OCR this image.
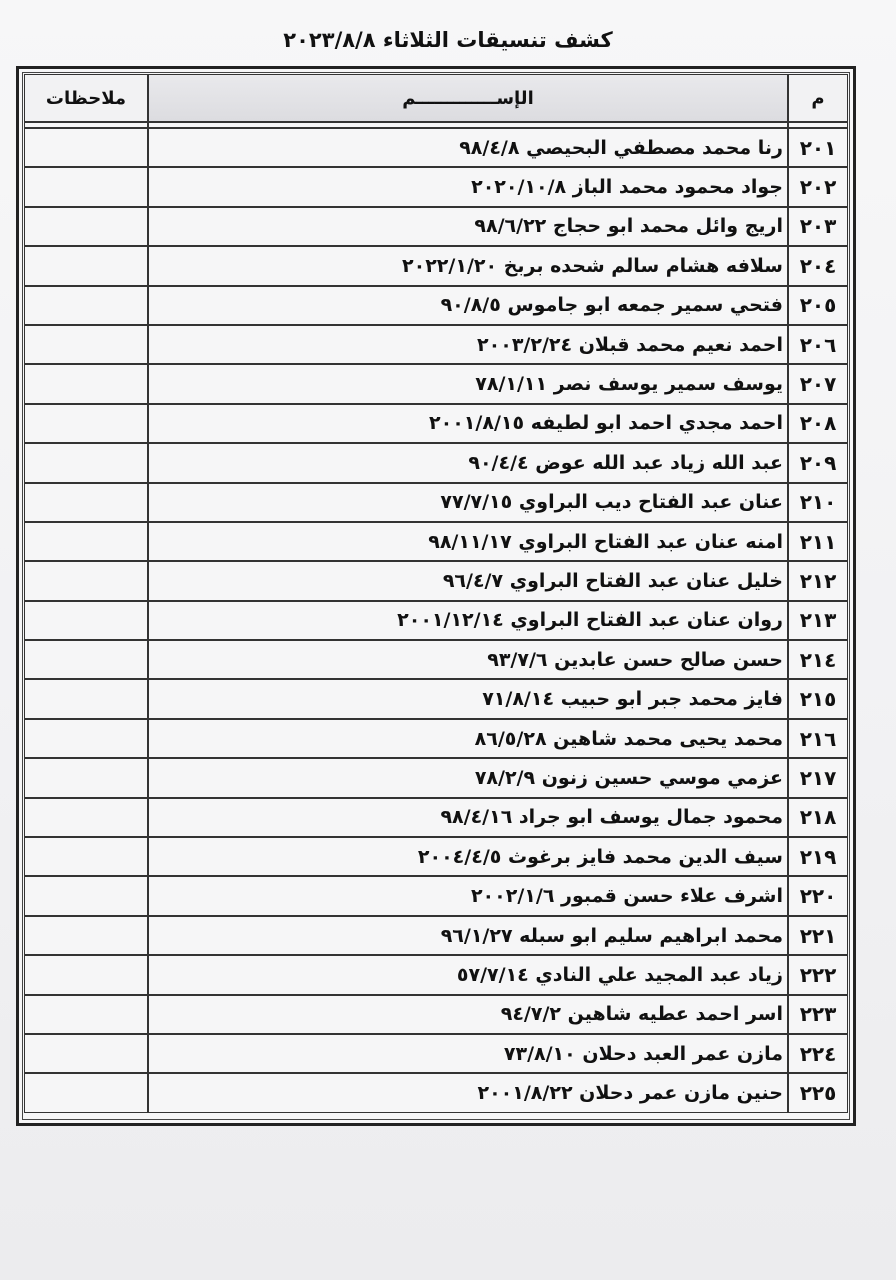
كشف تنسيقات الثلاثاء ٢٠٢٣/٨/٨
م	الإســـــــــــــم	ملاحظات

٢٠١	رنا محمد مصطفي البحيصي ٩٨/٤/٨	
٢٠٢	جواد محمود محمد الباز ٢٠٢٠/١٠/٨	
٢٠٣	اريج وائل محمد ابو حجاج ٩٨/٦/٢٢	
٢٠٤	سلافه هشام سالم شحده بربخ ٢٠٢٢/١/٢٠	
٢٠٥	فتحي سمير جمعه ابو جاموس ٩٠/٨/٥	
٢٠٦	احمد نعيم محمد قبلان ٢٠٠٣/٢/٢٤	
٢٠٧	يوسف سمير يوسف نصر ٧٨/١/١١	
٢٠٨	احمد مجدي احمد ابو لطيفه ٢٠٠١/٨/١٥	
٢٠٩	عبد الله زياد عبد الله عوض ٩٠/٤/٤	
٢١٠	عنان عبد الفتاح ديب البراوي ٧٧/٧/١٥	
٢١١	امنه عنان عبد الفتاح البراوي ٩٨/١١/١٧	
٢١٢	خليل عنان عبد الفتاح البراوي ٩٦/٤/٧	
٢١٣	روان عنان عبد الفتاح البراوي ٢٠٠١/١٢/١٤	
٢١٤	حسن صالح حسن عابدين ٩٣/٧/٦	
٢١٥	فايز محمد جبر ابو حبيب ٧١/٨/١٤	
٢١٦	محمد يحيى محمد شاهين ٨٦/٥/٢٨	
٢١٧	عزمي موسي حسين زنون ٧٨/٢/٩	
٢١٨	محمود جمال يوسف ابو جراد ٩٨/٤/١٦	
٢١٩	سيف الدين محمد فايز برغوث ٢٠٠٤/٤/٥	
٢٢٠	اشرف علاء حسن قمبور ٢٠٠٢/١/٦	
٢٢١	محمد ابراهيم سليم ابو سبله ٩٦/١/٢٧	
٢٢٢	زياد عبد المجيد علي النادي ٥٧/٧/١٤	
٢٢٣	اسر احمد عطيه شاهين ٩٤/٧/٢	
٢٢٤	مازن عمر العبد دحلان ٧٣/٨/١٠	
٢٢٥	حنين مازن عمر دحلان ٢٠٠١/٨/٢٢	
